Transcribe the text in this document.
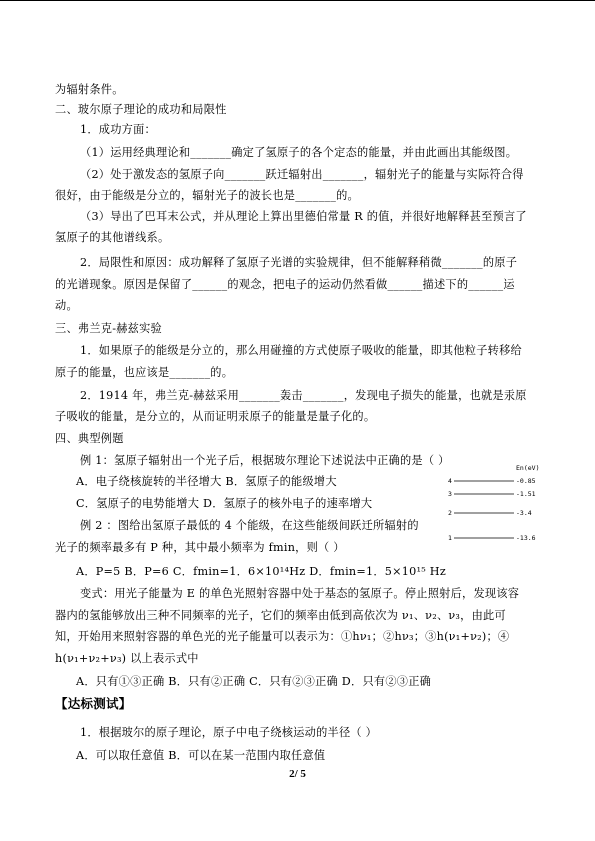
为辐射条件。
二、玻尔原子理论的成功和局限性
1．成功方面：
（1）运用经典理论和_______确定了氢原子的各个定态的能量，并由此画出其能级图。
（2）处于激发态的氢原子向_______跃迁辐射出_______，辐射光子的能量与实际符合得
很好，由于能级是分立的，辐射光子的波长也是_______的。
（3）导出了巴耳末公式，并从理论上算出里德伯常量 R 的值，并很好地解释甚至预言了
氢原子的其他谱线系。
2．局限性和原因：成功解释了氢原子光谱的实验规律，但不能解释稍微_______的原子
的光谱现象。原因是保留了______的观念，把电子的运动仍然看做______描述下的______运
动。
三、弗兰克-赫兹实验
1．如果原子的能级是分立的，那么用碰撞的方式使原子吸收的能量，即其他粒子转移给
原子的能量，也应该是_______的。
2．1914 年，弗兰克-赫兹采用_______轰击_______，发现电子损失的能量，也就是汞原
子吸收的能量，是分立的，从而证明汞原子的能量是量子化的。
四、典型例题
例 1：氢原子辐射出一个光子后，根据玻尔理论下述说法中正确的是（ ）
A．电子绕核旋转的半径增大 B．氢原子的能级增大
C．氢原子的电势能增大 D．氢原子的核外电子的速率增大
例 2 ：图给出氢原子最低的 4 个能级，在这些能级间跃迁所辐射的
光子的频率最多有 P 种，其中最小频率为 fmin，则（ ）
A．P=5 B．P=6 C．fmin=1．6×10¹⁴Hz D．fmin=1．5×10¹⁵ Hz
变式：用光子能量为 E 的单色光照射容器中处于基态的氢原子。停止照射后，发现该容
器内的氢能够放出三种不同频率的光子，它们的频率由低到高依次为 ν₁、ν₂、ν₃，由此可
知，开始用来照射容器的单色光的光子能量可以表示为：①hν₁；②hν₃；③h(ν₁+ν₂)；④
h(ν₁+ν₂+ν₃) 以上表示式中
A．只有①③正确 B．只有②正确 C．只有②③正确 D．只有②③正确
【达标测试】
1．根据玻尔的原子理论，原子中电子绕核运动的半径（ ）
A．可以取任意值 B．可以在某一范围内取任意值
En(eV)
4	-0.85
3	-1.51
2	-3.4
1	-13.6
2/ 5
